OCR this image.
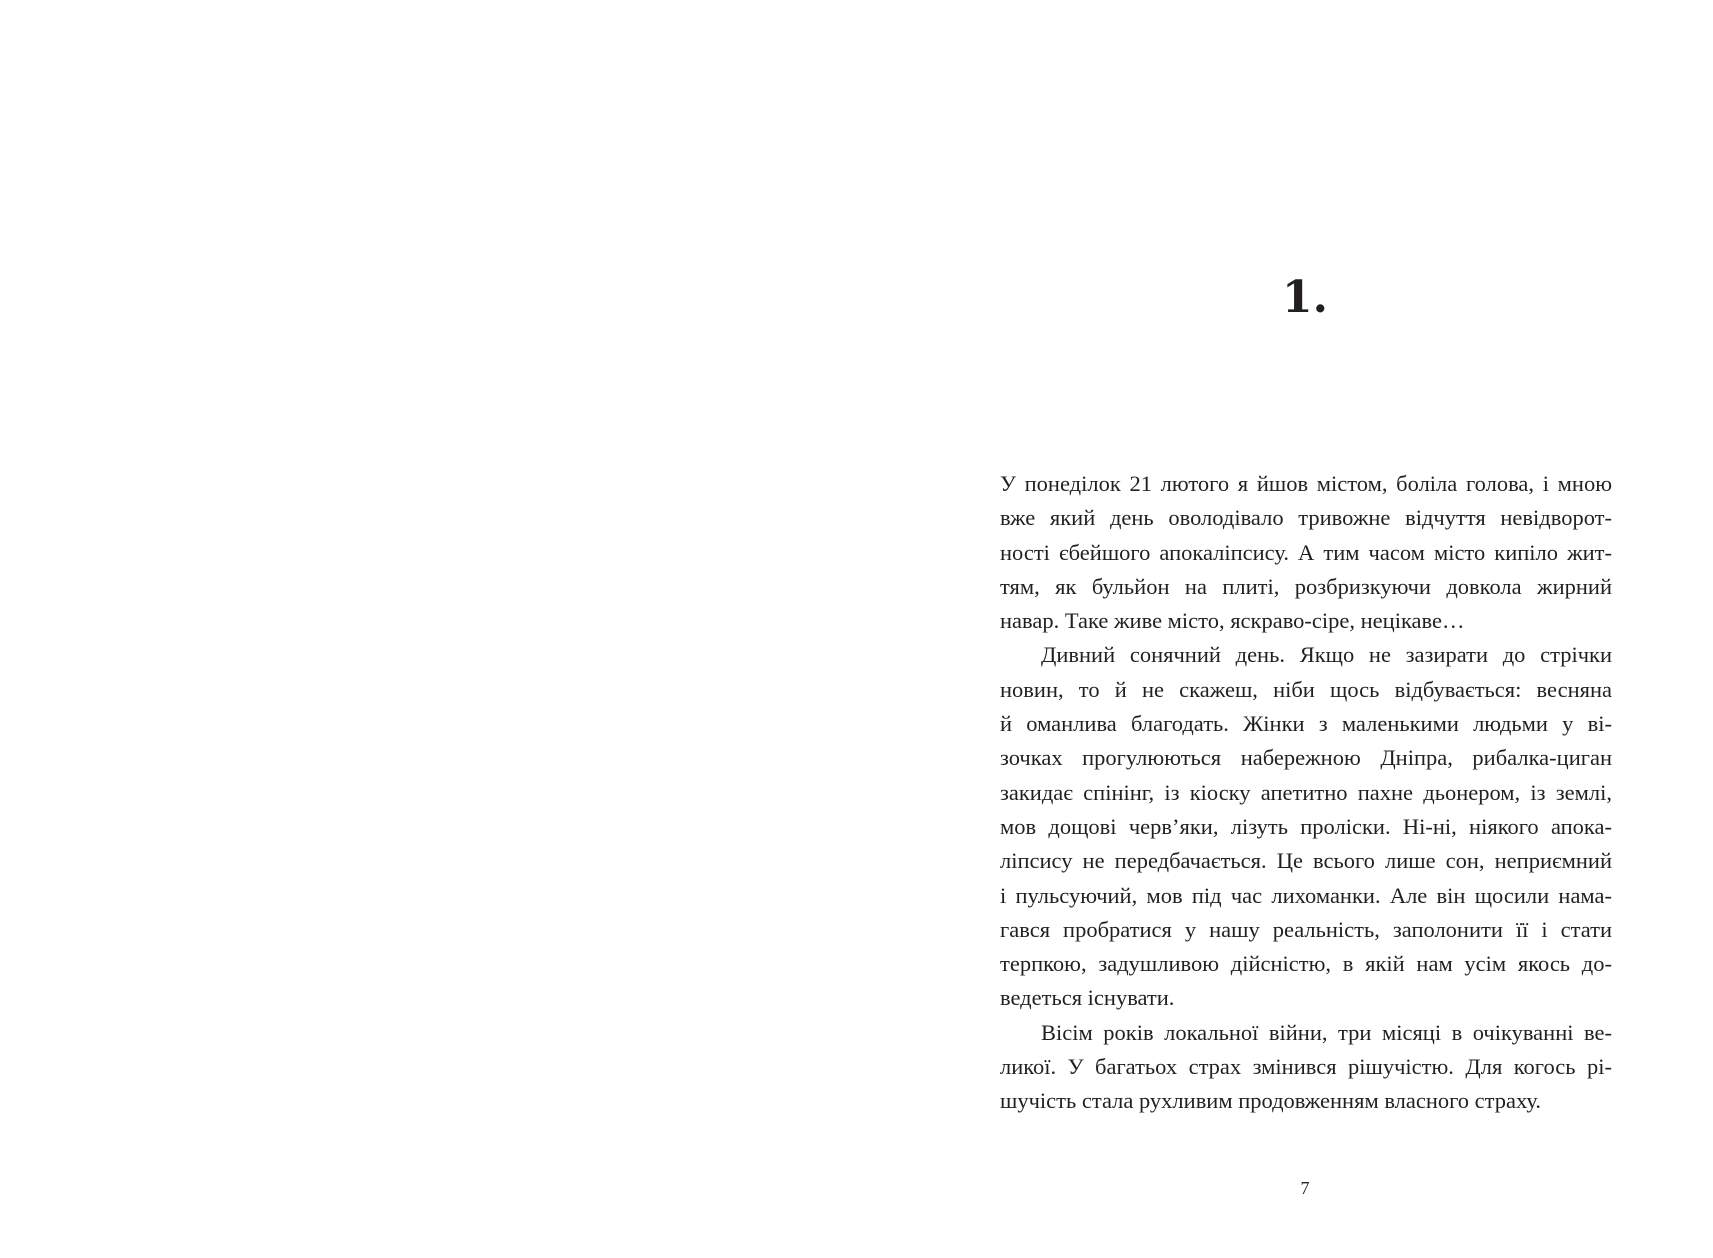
1.
У понеділок 21 лютого я йшов містом, боліла голова, і мною
вже який день оволодівало тривожне відчуття невідворот-
ності єбейшого апокаліпсису. А тим часом місто кипіло жит-
тям, як бульйон на плиті, розбризкуючи довкола жирний
навар. Таке живе місто, яскраво-сіре, нецікаве…
Дивний сонячний день. Якщо не зазирати до стрічки
новин, то й не скажеш, ніби щось відбувається: весняна
й оманлива благодать. Жінки з маленькими людьми у ві-
зочках прогулюються набережною Дніпра, рибалка-циган
закидає спінінг, із кіоску апетитно пахне дьонером, із землі,
мов дощові черв’яки, лізуть проліски. Ні-ні, ніякого апока-
ліпсису не передбачається. Це всього лише сон, неприємний
і пульсуючий, мов під час лихоманки. Але він щосили нама-
гався пробратися у нашу реальність, заполонити її і стати
терпкою, задушливою дійсністю, в якій нам усім якось до-
ведеться існувати.
Вісім років локальної війни, три місяці в очікуванні ве-
ликої. У багатьох страх змінився рішучістю. Для когось рі-
шучість стала рухливим продовженням власного страху.
7
